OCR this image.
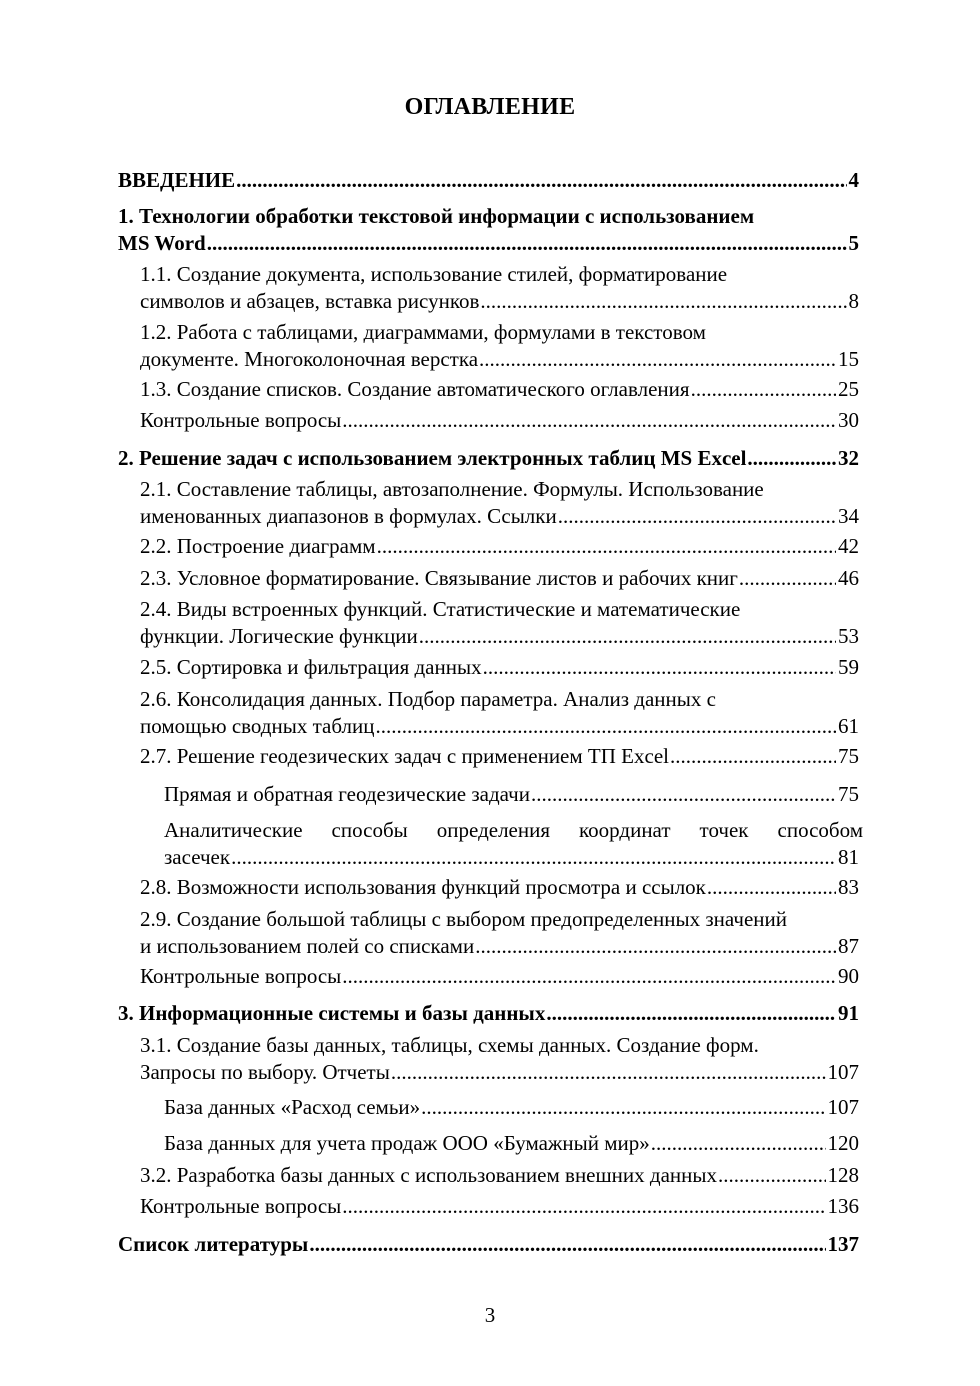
ОГЛАВЛЕНИЕ
ВВЕДЕНИЕ .....	4
1. Технологии обработки текстовой информации с использованием
MS Word .....	5
1.1. Создание документа, использование стилей, форматирование
символов и абзацев, вставка рисунков .....	8
1.2. Работа с таблицами, диаграммами, формулами в текстовом
документе. Многоколоночная верстка .....	15
1.3. Создание списков. Создание автоматического оглавления .....	25
Контрольные вопросы .....	30
2. Решение задач с использованием электронных таблиц MS Excel .....	32
2.1. Составление таблицы, автозаполнение. Формулы. Использование
именованных диапазонов в формулах. Ссылки .....	34
2.2. Построение диаграмм .....	42
2.3. Условное форматирование. Связывание листов и рабочих книг .....	46
2.4. Виды встроенных функций. Статистические и математические
функции. Логические функции .....	53
2.5. Сортировка и фильтрация данных .....	59
2.6. Консолидация данных. Подбор параметра. Анализ данных с
помощью сводных таблиц .....	61
2.7. Решение геодезических задач с применением ТП Excel .....	75
Прямая и обратная геодезические задачи .....	75
Аналитические способы определения координат точек способом
засечек .....	81
2.8. Возможности использования функций просмотра и ссылок .....	83
2.9. Создание большой таблицы с выбором предопределенных значений
и использованием полей со списками .....	87
Контрольные вопросы .....	90
3. Информационные системы и базы данных .....	91
3.1. Создание базы данных, таблицы, схемы данных. Создание форм.
Запросы по выбору. Отчеты .....	107
База данных «Расход семьи» .....	107
База данных для учета продаж ООО «Бумажный мир» .....	120
3.2. Разработка базы данных с использованием внешних данных .....	128
Контрольные вопросы .....	136
Список литературы .....	137
3
